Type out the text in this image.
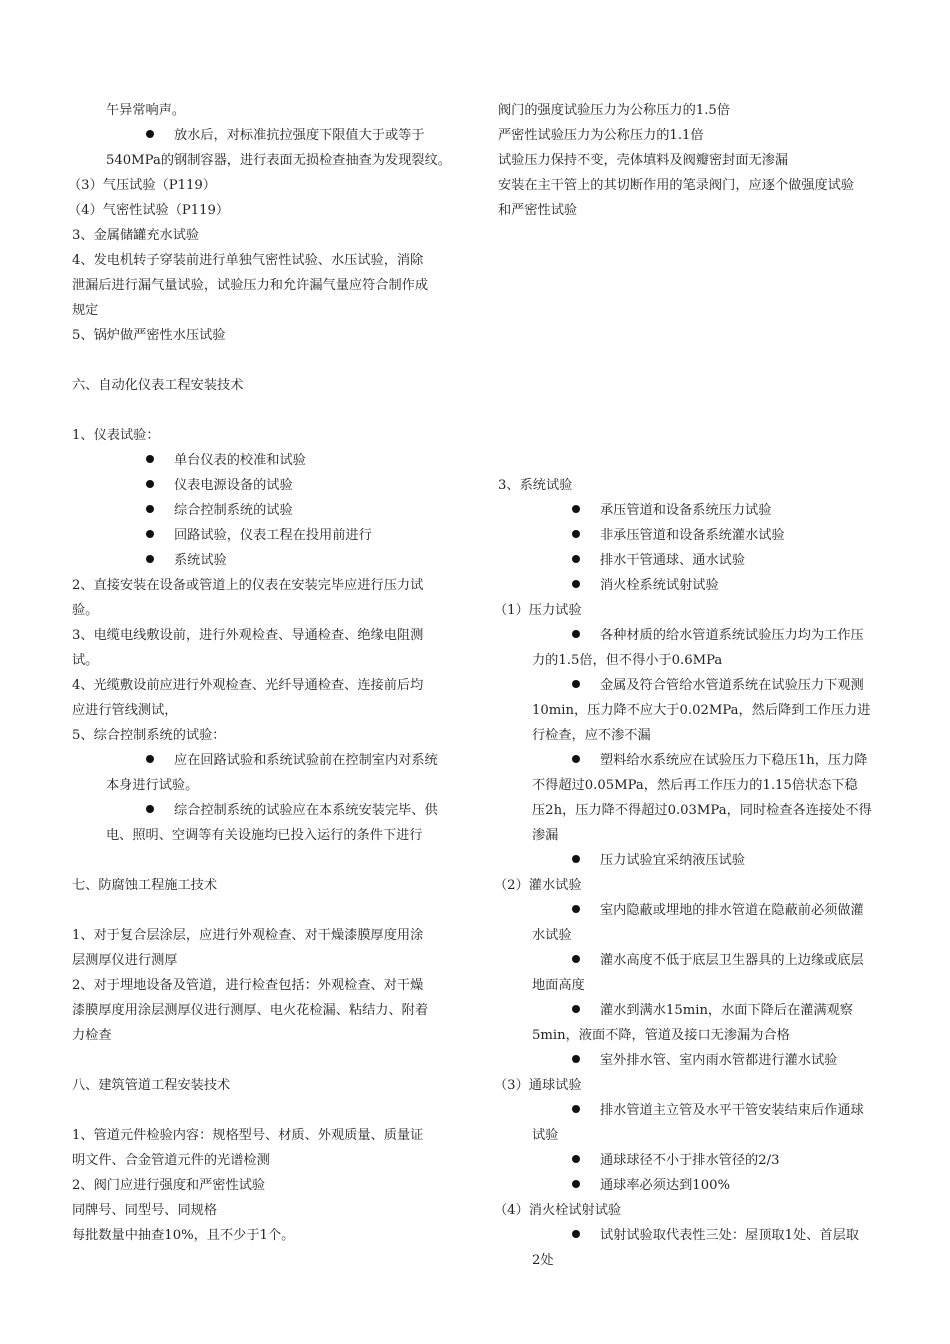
午异常响声。
放水后，对标准抗拉强度下限值大于或等于
540MPa的钢制容器，进行表面无损检查抽查为发现裂纹。
（3）气压试验（P119）
（4）气密性试验（P119）
3、金属储罐充水试验
4、发电机转子穿装前进行单独气密性试验、水压试验，消除
泄漏后进行漏气量试验，试验压力和允许漏气量应符合制作成
规定
5、锅炉做严密性水压试验
六、自动化仪表工程安装技术
1、仪表试验：
单台仪表的校准和试验
仪表电源设备的试验
综合控制系统的试验
回路试验，仪表工程在投用前进行
系统试验
2、直接安装在设备或管道上的仪表在安装完毕应进行压力试
验。
3、电缆电线敷设前，进行外观检查、导通检查、绝缘电阻测
试。
4、光缆敷设前应进行外观检查、光纤导通检查、连接前后均
应进行管线测试，
5、综合控制系统的试验：
应在回路试验和系统试验前在控制室内对系统
本身进行试验。
综合控制系统的试验应在本系统安装完毕、供
电、照明、空调等有关设施均已投入运行的条件下进行
七、防腐蚀工程施工技术
1、对于复合层涂层，应进行外观检查、对干燥漆膜厚度用涂
层测厚仪进行测厚
2、对于埋地设备及管道，进行检查包括：外观检查、对干燥
漆膜厚度用涂层测厚仪进行测厚、电火花检漏、粘结力、附着
力检查
八、建筑管道工程安装技术
1、管道元件检验内容：规格型号、材质、外观质量、质量证
明文件、合金管道元件的光谱检测
2、阀门应进行强度和严密性试验
同牌号、同型号、同规格
每批数量中抽查10%，且不少于1个。
阀门的强度试验压力为公称压力的1.5倍
严密性试验压力为公称压力的1.1倍
试验压力保持不变，壳体填料及阀瓣密封面无渗漏
安装在主干管上的其切断作用的笔录阀门，应逐个做强度试验
和严密性试验
3、系统试验
承压管道和设备系统压力试验
非承压管道和设备系统灌水试验
排水干管通球、通水试验
消火栓系统试射试验
（1）压力试验
各种材质的给水管道系统试验压力均为工作压
力的1.5倍，但不得小于0.6MPa
金属及符合管给水管道系统在试验压力下观测
10min，压力降不应大于0.02MPa，然后降到工作压力进
行检查，应不渗不漏
塑料给水系统应在试验压力下稳压1h，压力降
不得超过0.05MPa，然后再工作压力的1.15倍状态下稳
压2h，压力降不得超过0.03MPa，同时检查各连接处不得
渗漏
压力试验宜采纳液压试验
（2）灌水试验
室内隐蔽或埋地的排水管道在隐蔽前必须做灌
水试验
灌水高度不低于底层卫生器具的上边缘或底层
地面高度
灌水到满水15min，水面下降后在灌满观察
5min，液面不降，管道及接口无渗漏为合格
室外排水管、室内雨水管都进行灌水试验
（3）通球试验
排水管道主立管及水平干管安装结束后作通球
试验
通球球径不小于排水管径的2/3
通球率必须达到100%
（4）消火栓试射试验
试射试验取代表性三处：屋顶取1处、首层取
2处
